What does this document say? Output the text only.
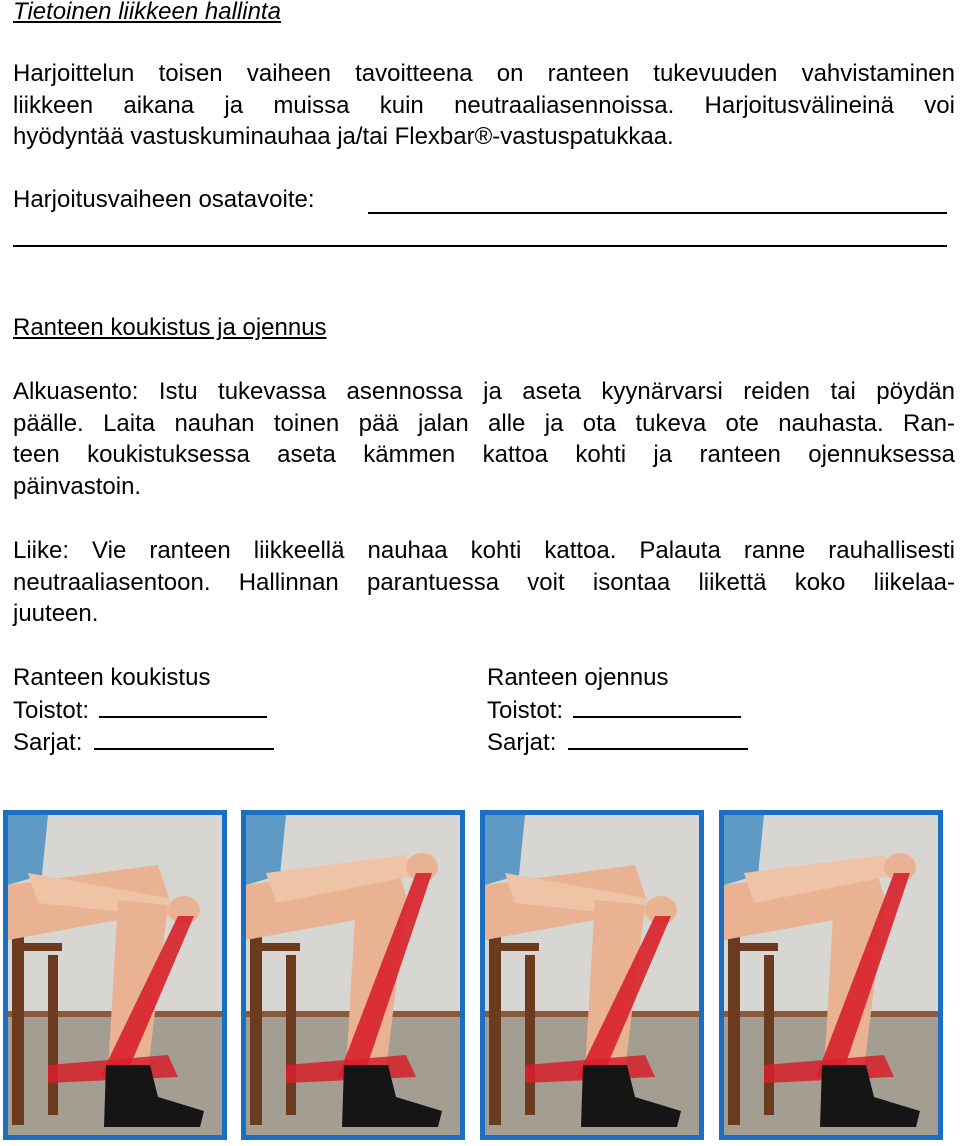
Tietoinen liikkeen hallinta
Harjoittelun toisen vaiheen tavoitteena on ranteen tukevuuden vahvistaminen
liikkeen aikana ja muissa kuin neutraaliasennoissa. Harjoitusvälineinä voi
hyödyntää vastuskuminauhaa ja/tai Flexbar®-vastuspatukkaa.
Harjoitusvaiheen osatavoite:
Ranteen koukistus ja ojennus
Alkuasento: Istu tukevassa asennossa ja aseta kyynärvarsi reiden tai pöydän
päälle. Laita nauhan toinen pää jalan alle ja ota tukeva ote nauhasta. Ran-
teen koukistuksessa aseta kämmen kattoa kohti ja ranteen ojennuksessa
päinvastoin.
Liike: Vie ranteen liikkeellä nauhaa kohti kattoa. Palauta ranne rauhallisesti
neutraaliasentoon. Hallinnan parantuessa voit isontaa liikettä koko liikelaa-
juuteen.
Ranteen koukistus
Toistot:
Sarjat:
Ranteen ojennus
Toistot:
Sarjat:
